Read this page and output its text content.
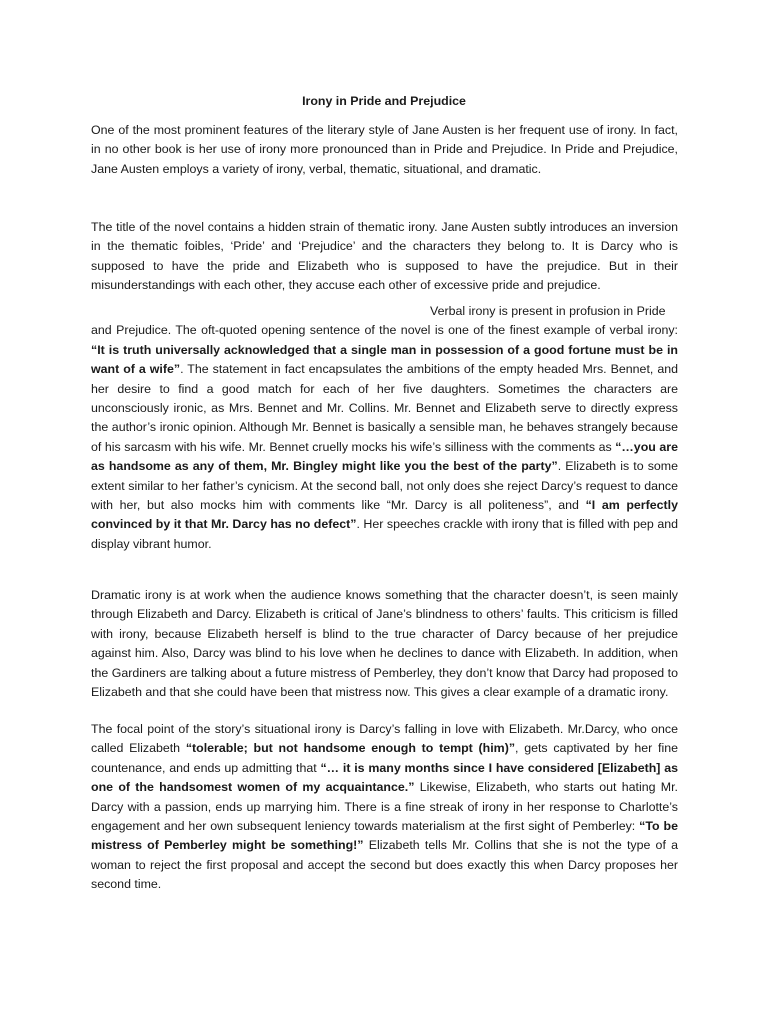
Irony in Pride and Prejudice

One of the most prominent features of the literary style of Jane Austen is her frequent use of irony. In fact, in no other book is her use of irony more pronounced than in Pride and Prejudice. In Pride and Prejudice, Jane Austen employs a variety of irony, verbal, thematic, situational, and dramatic.

The title of the novel contains a hidden strain of thematic irony. Jane Austen subtly introduces an inversion in the thematic foibles, ‘Pride’ and ‘Prejudice’ and the characters they belong to. It is Darcy who is supposed to have the pride and Elizabeth who is supposed to have the prejudice. But in their misunderstandings with each other, they accuse each other of excessive pride and prejudice.

Verbal irony is present in profusion in Pride
and Prejudice. The oft-quoted opening sentence of the novel is one of the finest example of verbal irony: “It is truth universally acknowledged that a single man in possession of a good fortune must be in want of a wife”. The statement in fact encapsulates the ambitions of the empty headed Mrs. Bennet, and her desire to find a good match for each of her five daughters. Sometimes the characters are unconsciously ironic, as Mrs. Bennet and Mr. Collins. Mr. Bennet and Elizabeth serve to directly express the author’s ironic opinion. Although Mr. Bennet is basically a sensible man, he behaves strangely because of his sarcasm with his wife. Mr. Bennet cruelly mocks his wife’s silliness with the comments as “…you are as handsome as any of them, Mr. Bingley might like you the best of the party”. Elizabeth is to some extent similar to her father’s cynicism. At the second ball, not only does she reject Darcy’s request to dance with her, but also mocks him with comments like “Mr. Darcy is all politeness”, and “I am perfectly convinced by it that Mr. Darcy has no defect”. Her speeches crackle with irony that is filled with pep and display vibrant humor.

Dramatic irony is at work when the audience knows something that the character doesn’t, is seen mainly through Elizabeth and Darcy. Elizabeth is critical of Jane’s blindness to others’ faults. This criticism is filled with irony, because Elizabeth herself is blind to the true character of Darcy because of her prejudice against him. Also, Darcy was blind to his love when he declines to dance with Elizabeth. In addition, when the Gardiners are talking about a future mistress of Pemberley, they don’t know that Darcy had proposed to Elizabeth and that she could have been that mistress now. This gives a clear example of a dramatic irony.

The focal point of the story’s situational irony is Darcy’s falling in love with Elizabeth. Mr.Darcy, who once called Elizabeth “tolerable; but not handsome enough to tempt (him)”, gets captivated by her fine countenance, and ends up admitting that “… it is many months since I have considered [Elizabeth] as one of the handsomest women of my acquaintance.” Likewise, Elizabeth, who starts out hating Mr. Darcy with a passion, ends up marrying him. There is a fine streak of irony in her response to Charlotte’s engagement and her own subsequent leniency towards materialism at the first sight of Pemberley: “To be mistress of Pemberley might be something!” Elizabeth tells Mr. Collins that she is not the type of a woman to reject the first proposal and accept the second but does exactly this when Darcy proposes her second time.
